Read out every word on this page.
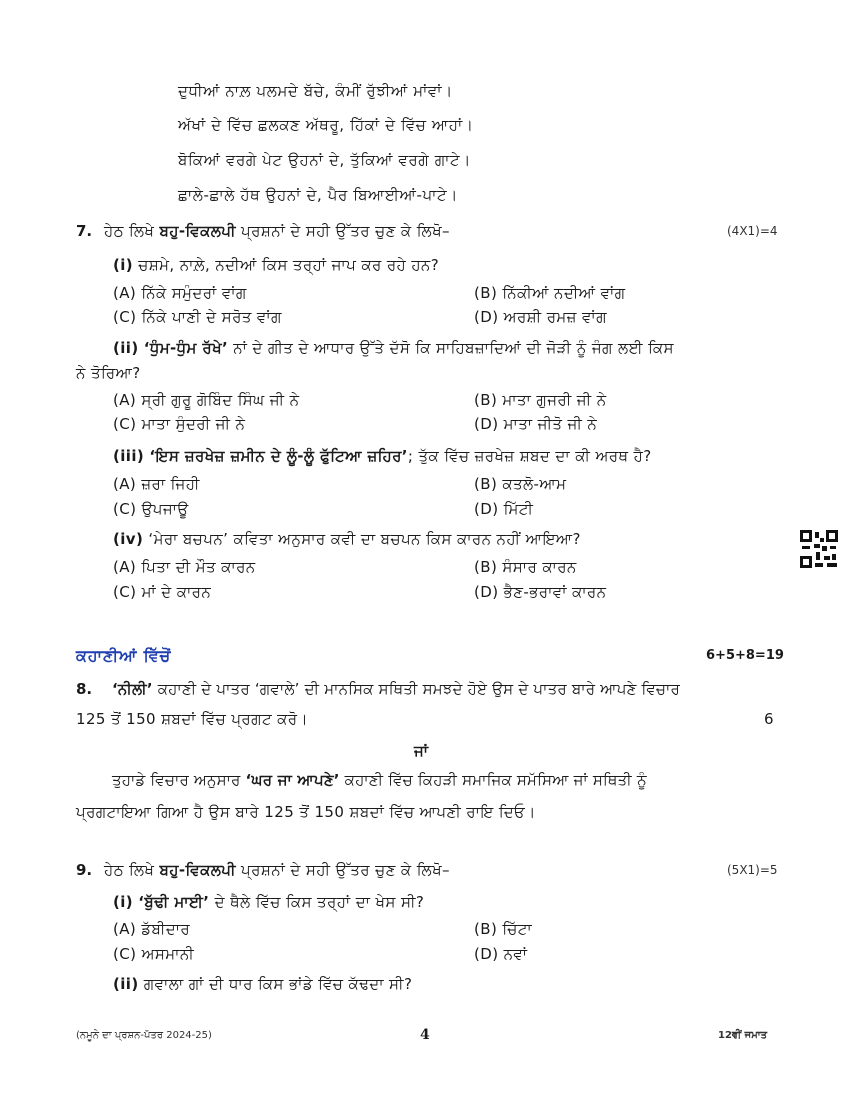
ਦੁਧੀਆਂ ਨਾਲ਼ ਪਲਮਦੇ ਬੱਚੇ, ਕੰਮੀਂ ਰੁੱਝੀਆਂ ਮਾਂਵਾਂ।
ਅੱਖਾਂ ਦੇ ਵਿੱਚ ਛਲਕਣ ਅੱਥਰੂ, ਹਿੱਕਾਂ ਦੇ ਵਿੱਚ ਆਹਾਂ।
ਬੋਕਿਆਂ ਵਰਗੇ ਪੇਟ ਉਹਨਾਂ ਦੇ, ਤੁੱਕਿਆਂ ਵਰਗੇ ਗਾਟੇ।
ਛਾਲੇ-ਛਾਲੇ ਹੱਥ ਉਹਨਾਂ ਦੇ, ਪੈਰ ਬਿਆਈਆਂ-ਪਾਟੇ।
7. ਹੇਠ ਲਿਖੇ ਬਹੁ-ਵਿਕਲਪੀ ਪ੍ਰਸ਼ਨਾਂ ਦੇ ਸਹੀ ਉੱਤਰ ਚੁਣ ਕੇ ਲਿਖੋ–	(4X1)=4
(i) ਚਸ਼ਮੇ, ਨਾਲ਼ੇ, ਨਦੀਆਂ ਕਿਸ ਤਰ੍ਹਾਂ ਜਾਪ ਕਰ ਰਹੇ ਹਨ?
(A) ਨਿੱਕੇ ਸਮੁੰਦਰਾਂ ਵਾਂਗ	(B) ਨਿੱਕੀਆਂ ਨਦੀਆਂ ਵਾਂਗ
(C) ਨਿੱਕੇ ਪਾਣੀ ਦੇ ਸਰੋਤ ਵਾਂਗ	(D) ਅਰਸ਼ੀ ਰਮਜ਼ ਵਾਂਗ
(ii) ‘ਧੁੰਮ-ਧੁੰਮ ਰੱਖੇ’ ਨਾਂ ਦੇ ਗੀਤ ਦੇ ਆਧਾਰ ਉੱਤੇ ਦੱਸੋ ਕਿ ਸਾਹਿਬਜ਼ਾਦਿਆਂ ਦੀ ਜੋੜੀ ਨੂੰ ਜੰਗ ਲਈ ਕਿਸ
ਨੇ ਤੋਰਿਆ?
(A) ਸ੍ਰੀ ਗੁਰੂ ਗੋਬਿੰਦ ਸਿੰਘ ਜੀ ਨੇ	(B) ਮਾਤਾ ਗੁਜਰੀ ਜੀ ਨੇ
(C) ਮਾਤਾ ਸੁੰਦਰੀ ਜੀ ਨੇ	(D) ਮਾਤਾ ਜੀਤੋ ਜੀ ਨੇ
(iii) ‘ਇਸ ਜ਼ਰਖੇਜ਼ ਜ਼ਮੀਨ ਦੇ ਲੂੰ-ਲੂੰ ਫੁੱਟਿਆ ਜ਼ਹਿਰ’; ਤੁੱਕ ਵਿੱਚ ਜ਼ਰਖੇਜ਼ ਸ਼ਬਦ ਦਾ ਕੀ ਅਰਥ ਹੈ?
(A) ਜ਼ਰਾ ਜਿਹੀ	(B) ਕਤਲੋ-ਆਮ
(C) ਉਪਜਾਊ	(D) ਮਿੱਟੀ
(iv) ‘ਮੇਰਾ ਬਚਪਨ’ ਕਵਿਤਾ ਅਨੁਸਾਰ ਕਵੀ ਦਾ ਬਚਪਨ ਕਿਸ ਕਾਰਨ ਨਹੀਂ ਆਇਆ?
(A) ਪਿਤਾ ਦੀ ਮੌਤ ਕਾਰਨ	(B) ਸੰਸਾਰ ਕਾਰਨ
(C) ਮਾਂ ਦੇ ਕਾਰਨ	(D) ਭੈਣ-ਭਰਾਵਾਂ ਕਾਰਨ
ਕਹਾਣੀਆਂ ਵਿੱਚੋਂ	6+5+8=19
8. ‘ਨੀਲੀ’ ਕਹਾਣੀ ਦੇ ਪਾਤਰ ‘ਗਵਾਲੇ’ ਦੀ ਮਾਨਸਿਕ ਸਥਿਤੀ ਸਮਝਦੇ ਹੋਏ ਉਸ ਦੇ ਪਾਤਰ ਬਾਰੇ ਆਪਣੇ ਵਿਚਾਰ
125 ਤੋਂ 150 ਸ਼ਬਦਾਂ ਵਿੱਚ ਪ੍ਰਗਟ ਕਰੋ।	6
ਜਾਂ
ਤੁਹਾਡੇ ਵਿਚਾਰ ਅਨੁਸਾਰ ‘ਘਰ ਜਾ ਆਪਣੇ’ ਕਹਾਣੀ ਵਿੱਚ ਕਿਹੜੀ ਸਮਾਜਿਕ ਸਮੱਸਿਆ ਜਾਂ ਸਥਿਤੀ ਨੂੰ
ਪ੍ਰਗਟਾਇਆ ਗਿਆ ਹੈ ਉਸ ਬਾਰੇ 125 ਤੋਂ 150 ਸ਼ਬਦਾਂ ਵਿੱਚ ਆਪਣੀ ਰਾਇ ਦਿਓ।
9. ਹੇਠ ਲਿਖੇ ਬਹੁ-ਵਿਕਲਪੀ ਪ੍ਰਸ਼ਨਾਂ ਦੇ ਸਹੀ ਉੱਤਰ ਚੁਣ ਕੇ ਲਿਖੋ–	(5X1)=5
(i) ‘ਬੁੱਢੀ ਮਾਈ’ ਦੇ ਥੈਲੇ ਵਿੱਚ ਕਿਸ ਤਰ੍ਹਾਂ ਦਾ ਖੇਸ ਸੀ?
(A) ਡੱਬੀਦਾਰ	(B) ਚਿੱਟਾ
(C) ਅਸਮਾਨੀ	(D) ਨਵਾਂ
(ii) ਗਵਾਲਾ ਗਾਂ ਦੀ ਧਾਰ ਕਿਸ ਭਾਂਡੇ ਵਿੱਚ ਕੱਢਦਾ ਸੀ?
(ਨਮੂਨੇ ਦਾ ਪ੍ਰਸ਼ਨ-ਪੱਤਰ 2024-25)	4	12ਵੀਂ ਜਮਾਤ
